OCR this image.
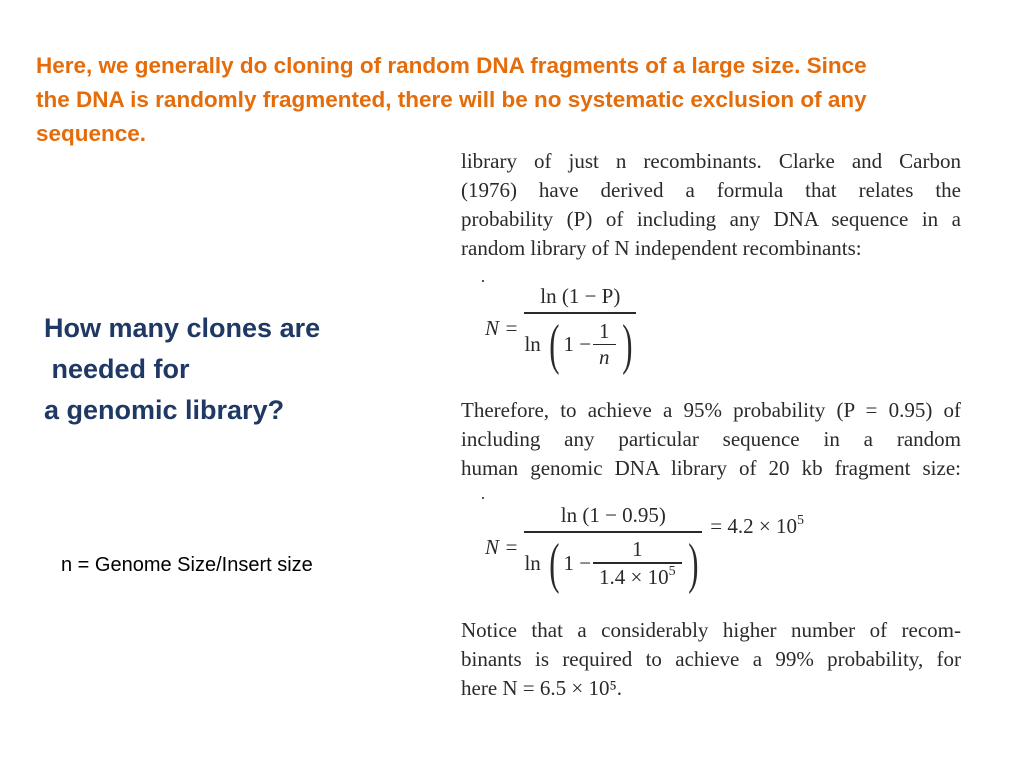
Here, we generally do cloning of random DNA fragments of a large size. Since
the DNA is randomly fragmented, there will be no systematic exclusion of any
sequence.
How many clones are
needed for
a genomic library?
n = Genome Size/Insert size

library of just n recombinants. Clarke and Carbon
(1976) have derived a formula that relates the
probability (P) of including any DNA sequence in a
random library of N independent recombinants:

N =
ln (1 − P)
ln ( $1 - \frac{1}{n}$ )

Therefore, to achieve a 95% probability (P = 0.95) of
including any particular sequence in a random
human genomic DNA library of 20 kb fragment size:

N =
ln (1 − 0.95)
ln ( $1 - \frac{1}{1.4 \times 10^5}$ )
= $4.2 \times 10^5$

Notice that a considerably higher number of recom-
binants is required to achieve a 99% probability, for
here N = 6.5 × 10⁵.
